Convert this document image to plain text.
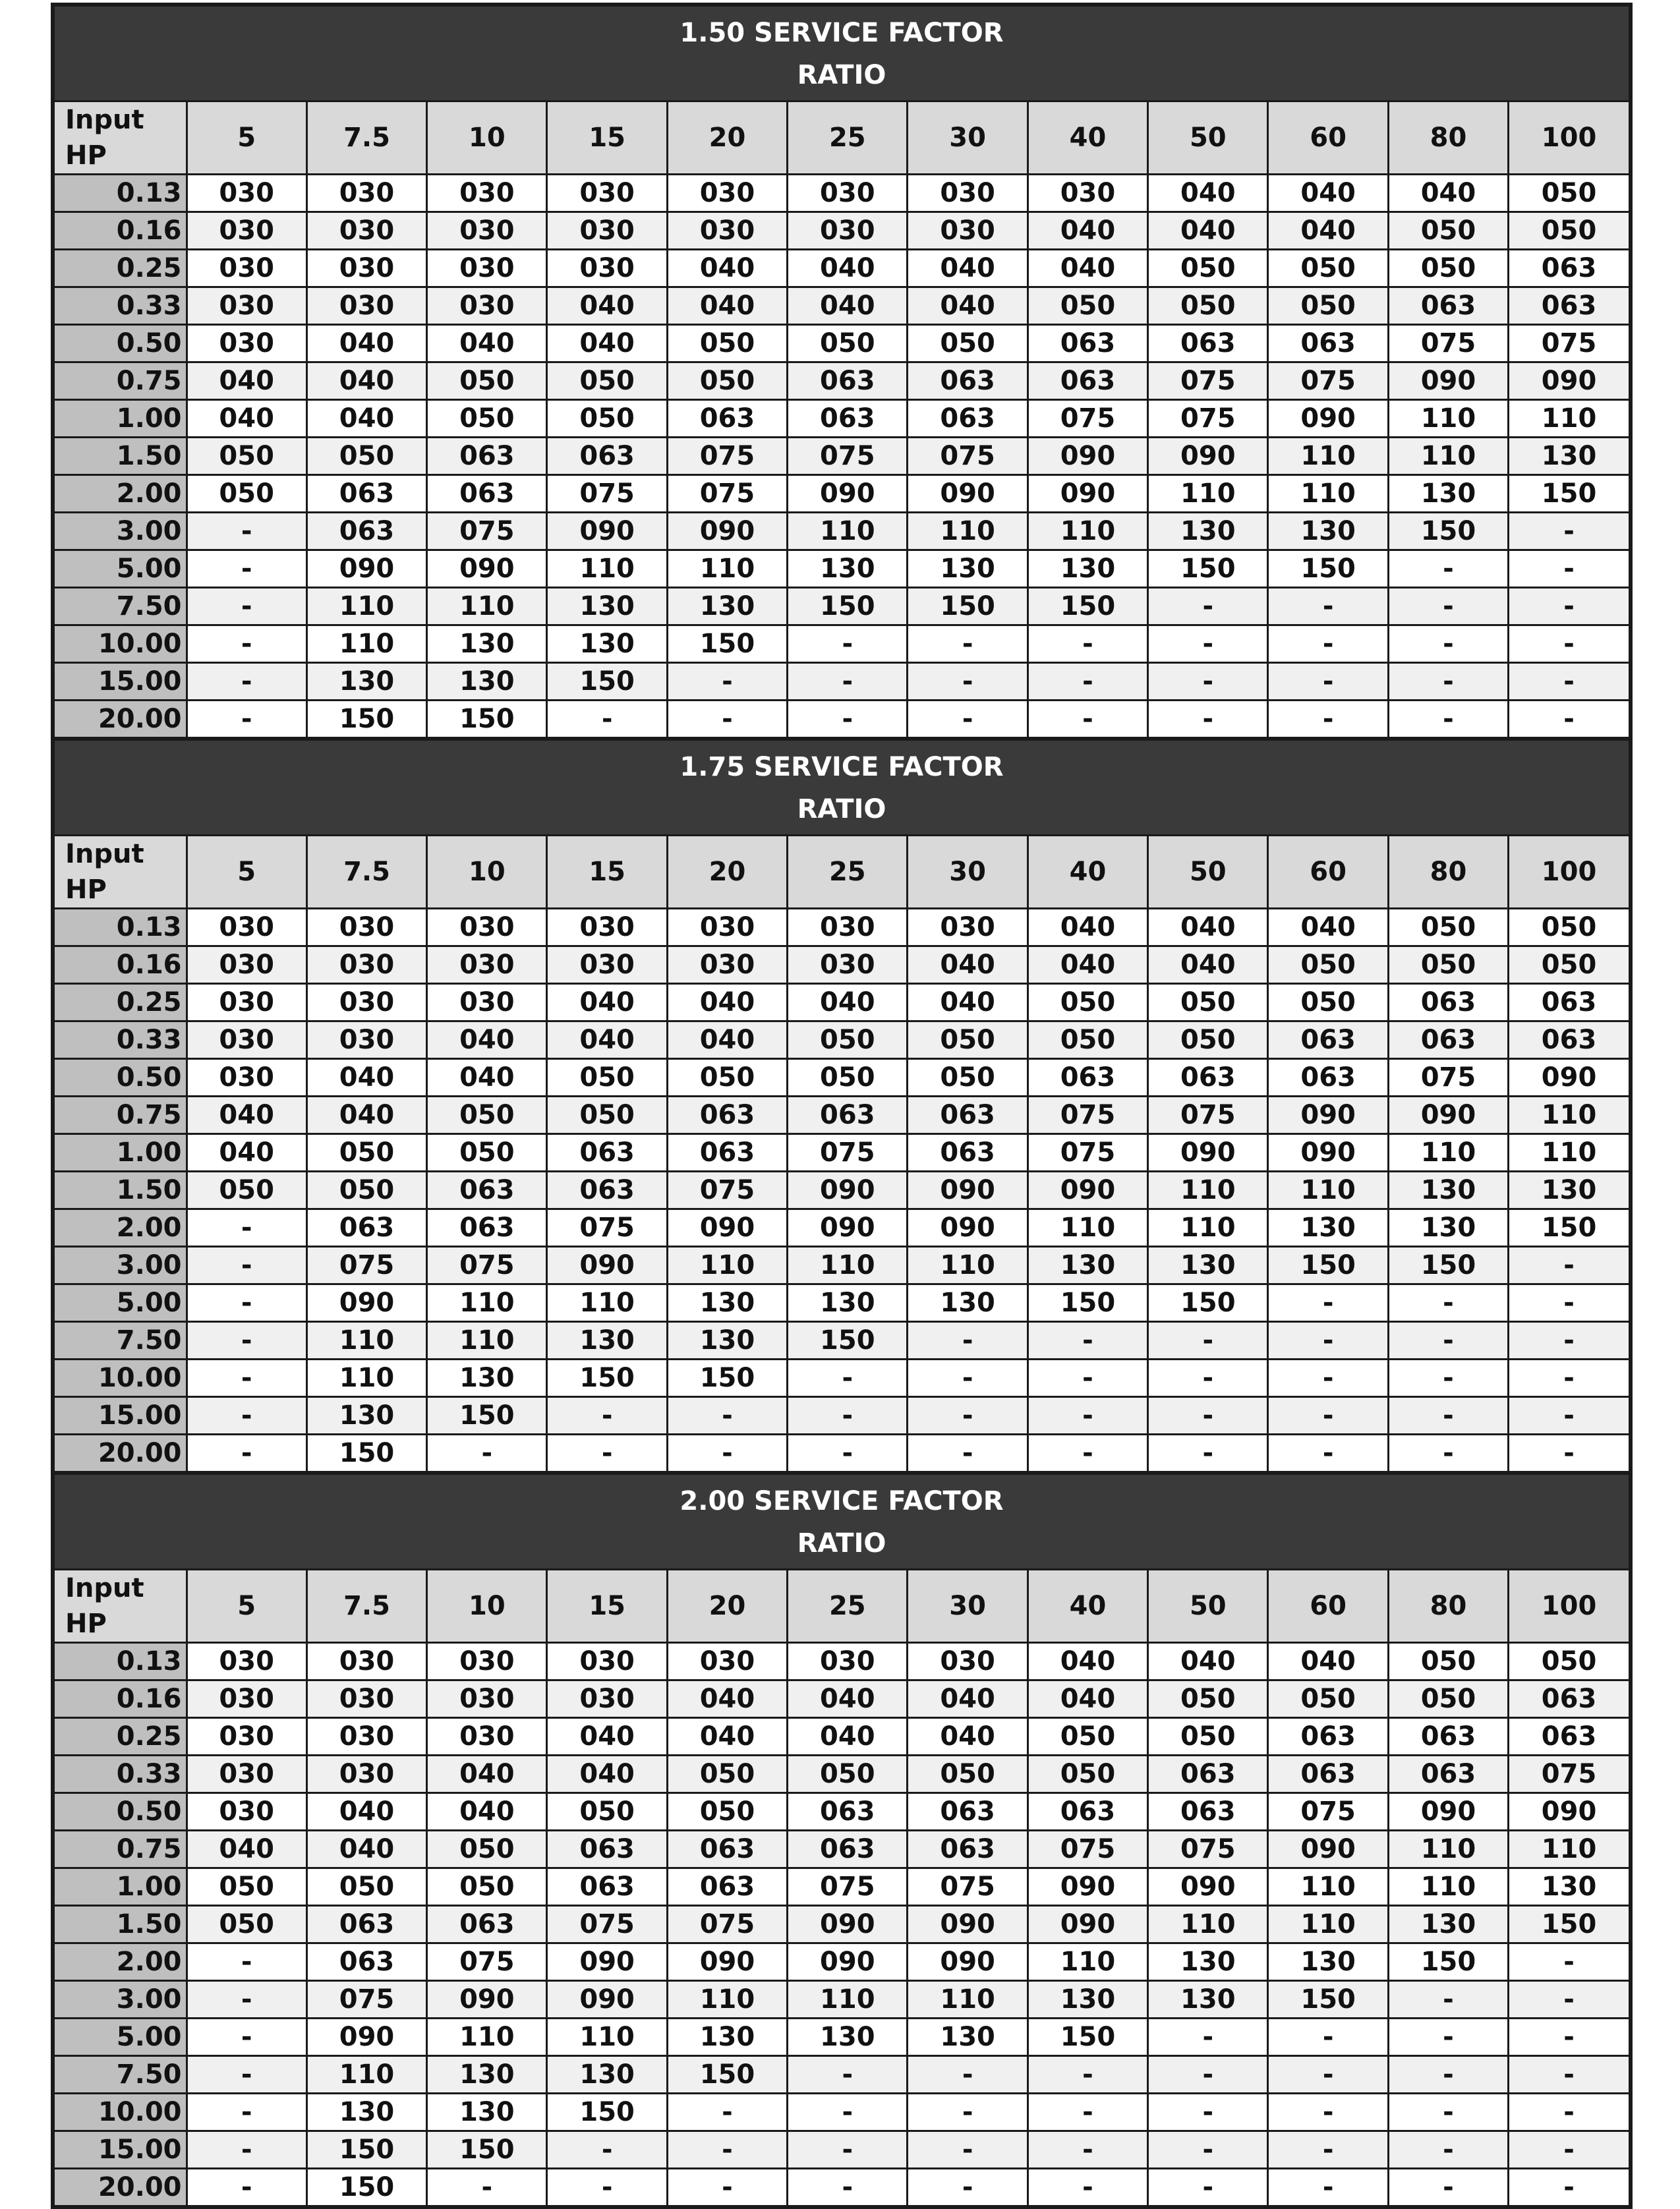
1.50 SERVICE FACTOR
RATIO
Input HP	5	7.5	10	15	20	25	30	40	50	60	80	100
0.13	030	030	030	030	030	030	030	030	040	040	040	050
0.16	030	030	030	030	030	030	030	040	040	040	050	050
0.25	030	030	030	030	040	040	040	040	050	050	050	063
0.33	030	030	030	040	040	040	040	050	050	050	063	063
0.50	030	040	040	040	050	050	050	063	063	063	075	075
0.75	040	040	050	050	050	063	063	063	075	075	090	090
1.00	040	040	050	050	063	063	063	075	075	090	110	110
1.50	050	050	063	063	075	075	075	090	090	110	110	130
2.00	050	063	063	075	075	090	090	090	110	110	130	150
3.00	-	063	075	090	090	110	110	110	130	130	150	-
5.00	-	090	090	110	110	130	130	130	150	150	-	-
7.50	-	110	110	130	130	150	150	150	-	-	-	-
10.00	-	110	130	130	150	-	-	-	-	-	-	-
15.00	-	130	130	150	-	-	-	-	-	-	-	-
20.00	-	150	150	-	-	-	-	-	-	-	-	-
1.75 SERVICE FACTOR
RATIO
Input HP	5	7.5	10	15	20	25	30	40	50	60	80	100
0.13	030	030	030	030	030	030	030	040	040	040	050	050
0.16	030	030	030	030	030	030	040	040	040	050	050	050
0.25	030	030	030	040	040	040	040	050	050	050	063	063
0.33	030	030	040	040	040	050	050	050	050	063	063	063
0.50	030	040	040	050	050	050	050	063	063	063	075	090
0.75	040	040	050	050	063	063	063	075	075	090	090	110
1.00	040	050	050	063	063	075	063	075	090	090	110	110
1.50	050	050	063	063	075	090	090	090	110	110	130	130
2.00	-	063	063	075	090	090	090	110	110	130	130	150
3.00	-	075	075	090	110	110	110	130	130	150	150	-
5.00	-	090	110	110	130	130	130	150	150	-	-	-
7.50	-	110	110	130	130	150	-	-	-	-	-	-
10.00	-	110	130	150	150	-	-	-	-	-	-	-
15.00	-	130	150	-	-	-	-	-	-	-	-	-
20.00	-	150	-	-	-	-	-	-	-	-	-	-
2.00 SERVICE FACTOR
RATIO
Input HP	5	7.5	10	15	20	25	30	40	50	60	80	100
0.13	030	030	030	030	030	030	030	040	040	040	050	050
0.16	030	030	030	030	040	040	040	040	050	050	050	063
0.25	030	030	030	040	040	040	040	050	050	063	063	063
0.33	030	030	040	040	050	050	050	050	063	063	063	075
0.50	030	040	040	050	050	063	063	063	063	075	090	090
0.75	040	040	050	063	063	063	063	075	075	090	110	110
1.00	050	050	050	063	063	075	075	090	090	110	110	130
1.50	050	063	063	075	075	090	090	090	110	110	130	150
2.00	-	063	075	090	090	090	090	110	130	130	150	-
3.00	-	075	090	090	110	110	110	130	130	150	-	-
5.00	-	090	110	110	130	130	130	150	-	-	-	-
7.50	-	110	130	130	150	-	-	-	-	-	-	-
10.00	-	130	130	150	-	-	-	-	-	-	-	-
15.00	-	150	150	-	-	-	-	-	-	-	-	-
20.00	-	150	-	-	-	-	-	-	-	-	-	-
